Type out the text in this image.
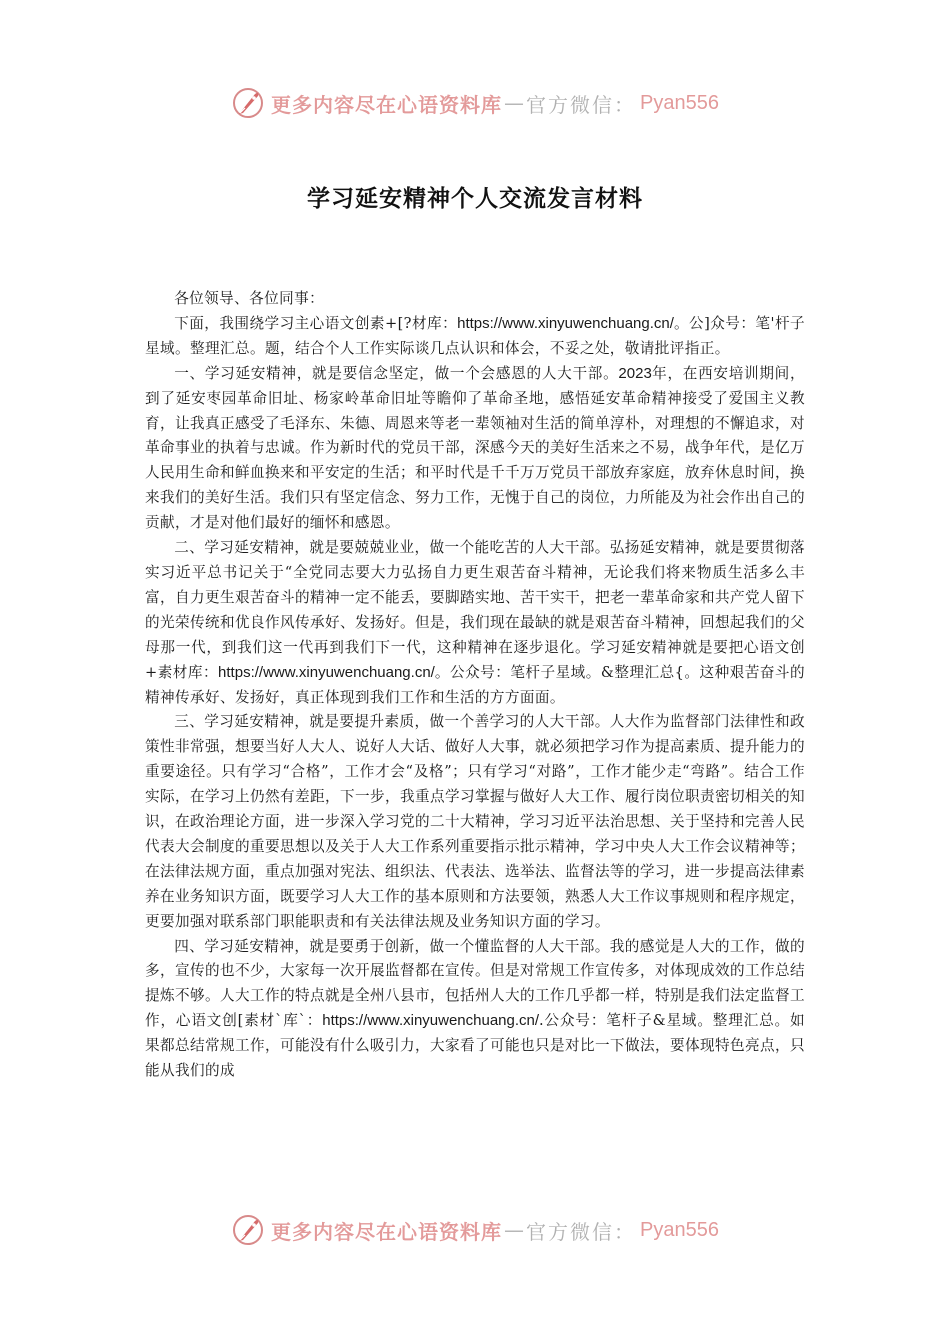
更多内容尽在心语资料库 — 官方微信： Pyan556
学习延安精神个人交流发言材料

各位领导、各位同事：

下面，我围绕学习主心语文创素+[?材库：https://www.xinyuwenchuang.cn/。公]众号：笔'杆子星域。整理汇总。题，结合个人工作实际谈几点认识和体会，不妥之处，敬请批评指正。

一、学习延安精神，就是要信念坚定，做一个会感恩的人大干部。2023年，在西安培训期间，到了延安枣园革命旧址、杨家岭革命旧址等瞻仰了革命圣地，感悟延安革命精神接受了爱国主义教育，让我真正感受了毛泽东、朱德、周恩来等老一辈领袖对生活的简单淳朴，对理想的不懈追求，对革命事业的执着与忠诚。作为新时代的党员干部，深感今天的美好生活来之不易，战争年代，是亿万人民用生命和鲜血换来和平安定的生活；和平时代是千千万万党员干部放弃家庭，放弃休息时间，换来我们的美好生活。我们只有坚定信念、努力工作，无愧于自己的岗位，力所能及为社会作出自己的贡献，才是对他们最好的缅怀和感恩。

二、学习延安精神，就是要兢兢业业，做一个能吃苦的人大干部。弘扬延安精神，就是要贯彻落实习近平总书记关于“全党同志要大力弘扬自力更生艰苦奋斗精神，无论我们将来物质生活多么丰富，自力更生艰苦奋斗的精神一定不能丢，要脚踏实地、苦干实干，把老一辈革命家和共产党人留下的光荣传统和优良作风传承好、发扬好。但是，我们现在最缺的就是艰苦奋斗精神，回想起我们的父母那一代，到我们这一代再到我们下一代，这种精神在逐步退化。学习延安精神就是要把心语文创+素材库：https://www.xinyuwenchuang.cn/。公众号：笔杆子星域。&整理汇总{。这种艰苦奋斗的精神传承好、发扬好，真正体现到我们工作和生活的方方面面。

三、学习延安精神，就是要提升素质，做一个善学习的人大干部。人大作为监督部门法律性和政策性非常强，想要当好人大人、说好人大话、做好人大事，就必须把学习作为提高素质、提升能力的重要途径。只有学习“合格”，工作才会“及格”；只有学习“对路”，工作才能少走“弯路”。结合工作实际，在学习上仍然有差距，下一步，我重点学习掌握与做好人大工作、履行岗位职责密切相关的知识，在政治理论方面，进一步深入学习党的二十大精神，学习习近平法治思想、关于坚持和完善人民代表大会制度的重要思想以及关于人大工作系列重要指示批示精神，学习中央人大工作会议精神等；在法律法规方面，重点加强对宪法、组织法、代表法、选举法、监督法等的学习，进一步提高法律素养在业务知识方面，既要学习人大工作的基本原则和方法要领，熟悉人大工作议事规则和程序规定，更要加强对联系部门职能职责和有关法律法规及业务知识方面的学习。

四、学习延安精神，就是要勇于创新，做一个懂监督的人大干部。我的感觉是人大的工作，做的多，宣传的也不少，大家每一次开展监督都在宣传。但是对常规工作宣传多，对体现成效的工作总结提炼不够。人大工作的特点就是全州八县市，包括州人大的工作几乎都一样，特别是我们法定监督工作，心语文创[素材`库`：https://www.xinyuwenchuang.cn/.公众号：笔杆子&星域。整理汇总。如果都总结常规工作，可能没有什么吸引力，大家看了可能也只是对比一下做法，要体现特色亮点，只能从我们的成

更多内容尽在心语资料库 — 官方微信： Pyan556
